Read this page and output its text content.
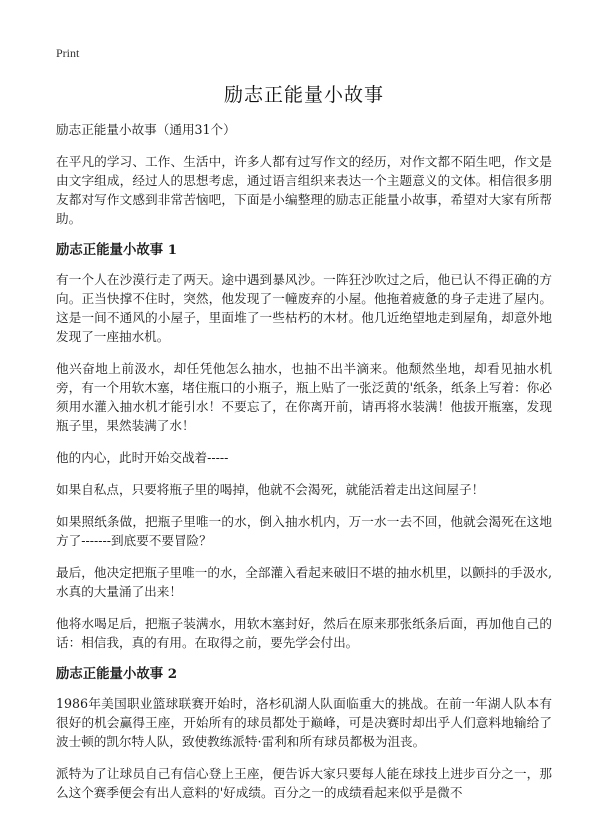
Print
励志正能量小故事

励志正能量小故事（通用31个）

在平凡的学习、工作、生活中，许多人都有过写作文的经历，对作文都不陌生吧，作文是由文字组成，经过人的思想考虑，通过语言组织来表达一个主题意义的文体。相信很多朋友都对写作文感到非常苦恼吧，下面是小编整理的励志正能量小故事，希望对大家有所帮助。

励志正能量小故事 1

有一个人在沙漠行走了两天。途中遇到暴风沙。一阵狂沙吹过之后，他已认不得正确的方向。正当快撑不住时，突然，他发现了一幢废弃的小屋。他拖着疲惫的身子走进了屋内。这是一间不通风的小屋子，里面堆了一些枯朽的木材。他几近绝望地走到屋角，却意外地发现了一座抽水机。

他兴奋地上前汲水，却任凭他怎么抽水，也抽不出半滴来。他颓然坐地，却看见抽水机旁，有一个用软木塞，堵住瓶口的小瓶子，瓶上贴了一张泛黄的'纸条，纸条上写着：你必须用水灌入抽水机才能引水！不要忘了，在你离开前，请再将水装满！他拔开瓶塞，发现瓶子里，果然装满了水！

他的内心，此时开始交战着-----

如果自私点，只要将瓶子里的喝掉，他就不会渴死，就能活着走出这间屋子！

如果照纸条做，把瓶子里唯一的水，倒入抽水机内，万一水一去不回，他就会渴死在这地方了-------到底要不要冒险？

最后，他决定把瓶子里唯一的水，全部灌入看起来破旧不堪的抽水机里，以颤抖的手汲水,水真的大量涌了出来！

他将水喝足后，把瓶子装满水，用软木塞封好，然后在原来那张纸条后面，再加他自己的话：相信我，真的有用。在取得之前，要先学会付出。

励志正能量小故事 2

1986年美国职业篮球联赛开始时，洛杉矶湖人队面临重大的挑战。在前一年湖人队本有很好的机会赢得王座，开始所有的球员都处于巅峰，可是决赛时却出乎人们意料地输给了波士顿的凯尔特人队，致使教练派特·雷利和所有球员都极为沮丧。

派特为了让球员自己有信心登上王座，便告诉大家只要每人能在球技上进步百分之一，那么这个赛季便会有出人意料的'好成绩。百分之一的成绩看起来似乎是微不
